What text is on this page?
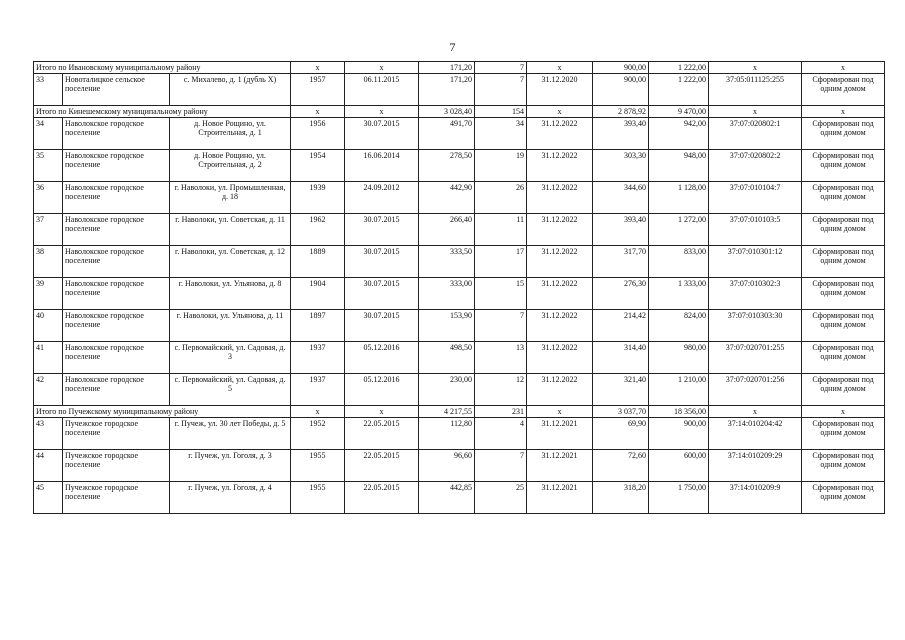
7
Итого по Ивановскому муниципальному району			х	х	171,20	7	х	900,00	1 222,00	х	х
33	Новоталицкое сельское поселение	с. Михалево, д. 1 (дубль Х)	1957	06.11.2015	171,20	7	31.12.2020	900,00	1 222,00	37:05:011125:255	Сформирован под одним домом
Итого по Кинешемскому муниципальному району			х	х	3 028,40	154	х	2 878,92	9 470,00	х	х
34	Наволокское городское поселение	д. Новое Рощино, ул. Строительная, д. 1	1956	30.07.2015	491,70	34	31.12.2022	393,40	942,00	37:07:020802:1	Сформирован под одним домом
35	Наволокское городское поселение	д. Новое Рощино, ул. Строительная, д. 2	1954	16.06.2014	278,50	19	31.12.2022	303,30	948,00	37:07:020802:2	Сформирован под одним домом
36	Наволокское городское поселение	г. Наволоки, ул. Промышленная, д. 18	1939	24.09.2012	442,90	26	31.12.2022	344,60	1 128,00	37:07:010104:7	Сформирован под одним домом
37	Наволокское городское поселение	г. Наволоки, ул. Советская, д. 11	1962	30.07.2015	266,40	11	31.12.2022	393,40	1 272,00	37:07:010103:5	Сформирован под одним домом
38	Наволокское городское поселение	г. Наволоки, ул. Советская, д. 12	1889	30.07.2015	333,50	17	31.12.2022	317,70	833,00	37:07:010301:12	Сформирован под одним домом
39	Наволокское городское поселение	г. Наволоки, ул. Ульянова, д. 8	1904	30.07.2015	333,00	15	31.12.2022	276,30	1 333,00	37:07:010302:3	Сформирован под одним домом
40	Наволокское городское поселение	г. Наволоки, ул. Ульянова, д. 11	1897	30.07.2015	153,90	7	31.12.2022	214,42	824,00	37:07:010303:30	Сформирован под одним домом
41	Наволокское городское поселение	с. Первомайский, ул. Садовая, д. 3	1937	05.12.2016	498,50	13	31.12.2022	314,40	980,00	37:07:020701:255	Сформирован под одним домом
42	Наволокское городское поселение	с. Первомайский, ул. Садовая, д. 5	1937	05.12.2016	230,00	12	31.12.2022	321,40	1 210,00	37:07:020701:256	Сформирован под одним домом
Итого по Пучежскому муниципальному району			х	х	4 217,55	231	х	3 037,70	18 356,00	х	х
43	Пучежское городское поселение	г. Пучеж, ул. 30 лет Победы, д. 5	1952	22.05.2015	112,80	4	31.12.2021	69,90	900,00	37:14:010204:42	Сформирован под одним домом
44	Пучежское городское поселение	г. Пучеж, ул. Гоголя, д. 3	1955	22.05.2015	96,60	7	31.12.2021	72,60	600,00	37:14:010209:29	Сформирован под одним домом
45	Пучежское городское поселение	г. Пучеж, ул. Гоголя, д. 4	1955	22.05.2015	442,85	25	31.12.2021	318,20	1 750,00	37:14:010209:9	Сформирован под одним домом
